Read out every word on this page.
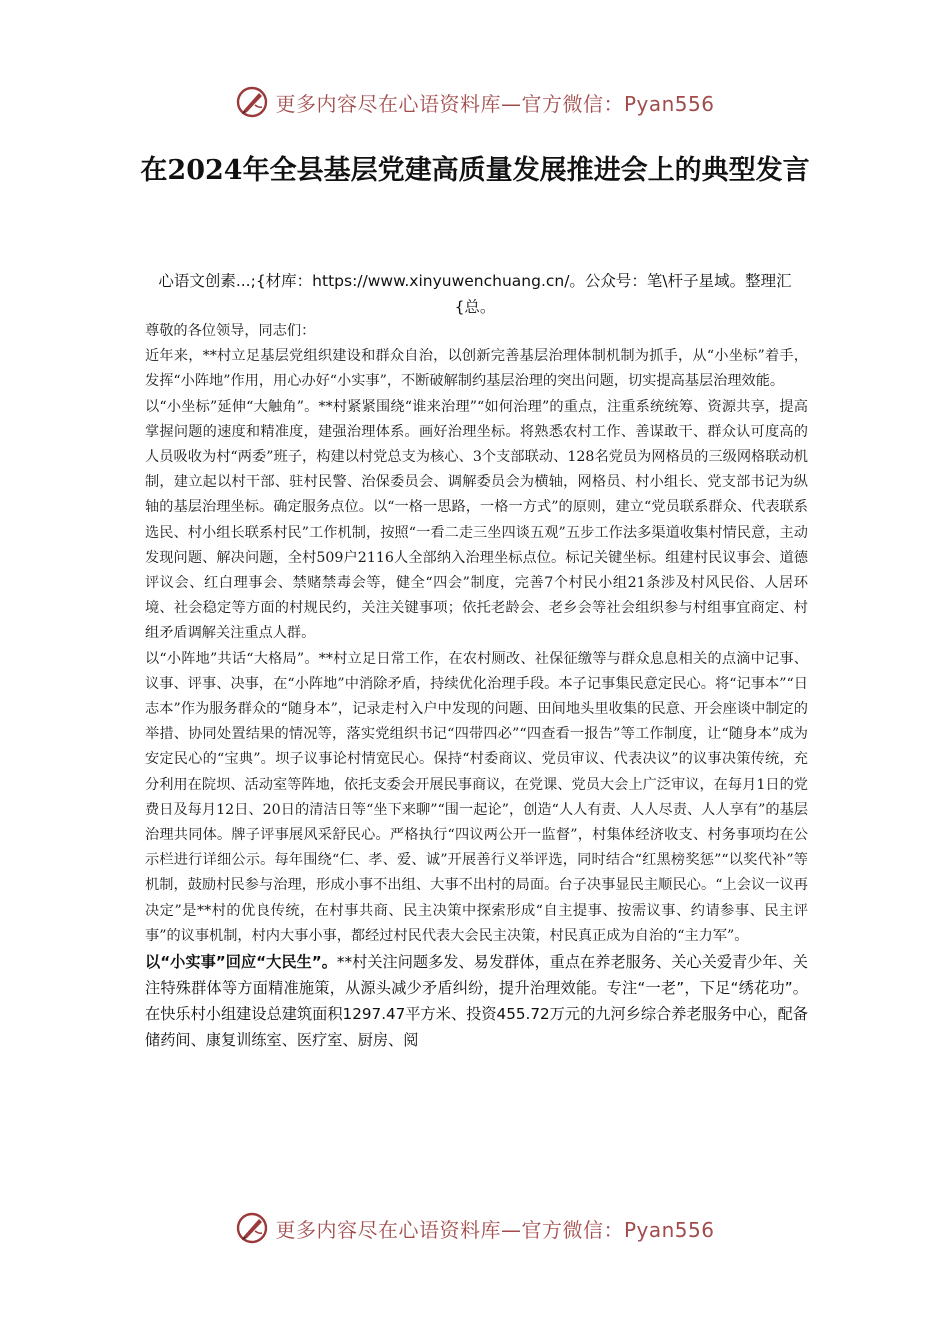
更多内容尽在心语资料库—官方微信：Pyan556
在2024年全县基层党建高质量发展推进会上的典型发言
心语文创素...;{材库：https://www.xinyuwenchuang.cn/。公众号：笔\杆子星域。整理汇{总。

尊敬的各位领导，同志们：

近年来，**村立足基层党组织建设和群众自治，以创新完善基层治理体制机制为抓手，从“小坐标”着手，发挥“小阵地”作用，用心办好“小实事”，不断破解制约基层治理的突出问题，切实提高基层治理效能。

以“小坐标”延伸“大触角”。**村紧紧围绕“谁来治理”“如何治理”的重点，注重系统统筹、资源共享，提高掌握问题的速度和精准度，建强治理体系。画好治理坐标。将熟悉农村工作、善谋敢干、群众认可度高的人员吸收为村“两委”班子，构建以村党总支为核心、3个支部联动、128名党员为网格员的三级网格联动机制，建立起以村干部、驻村民警、治保委员会、调解委员会为横轴，网格员、村小组长、党支部书记为纵轴的基层治理坐标。确定服务点位。以“一格一思路，一格一方式”的原则，建立“党员联系群众、代表联系选民、村小组长联系村民”工作机制，按照“一看二走三坐四谈五观”五步工作法多渠道收集村情民意，主动发现问题、解决问题，全村509户2116人全部纳入治理坐标点位。标记关键坐标。组建村民议事会、道德评议会、红白理事会、禁赌禁毒会等，健全“四会”制度，完善7个村民小组21条涉及村风民俗、人居环境、社会稳定等方面的村规民约，关注关键事项；依托老龄会、老乡会等社会组织参与村组事宜商定、村组矛盾调解关注重点人群。

以“小阵地”共话“大格局”。**村立足日常工作，在农村厕改、社保征缴等与群众息息相关的点滴中记事、议事、评事、决事，在“小阵地”中消除矛盾，持续优化治理手段。本子记事集民意定民心。将“记事本”“日志本”作为服务群众的“随身本”，记录走村入户中发现的问题、田间地头里收集的民意、开会座谈中制定的举措、协同处置结果的情况等，落实党组织书记“四带四必”“四查看一报告”等工作制度，让“随身本”成为安定民心的“宝典”。坝子议事论村情宽民心。保持“村委商议、党员审议、代表决议”的议事决策传统，充分利用在院坝、活动室等阵地，依托支委会开展民事商议，在党课、党员大会上广泛审议，在每月1日的党费日及每月12日、20日的清洁日等“坐下来聊”“围一起论”，创造“人人有责、人人尽责、人人享有”的基层治理共同体。牌子评事展风采舒民心。严格执行“四议两公开一监督”，村集体经济收支、村务事项均在公示栏进行详细公示。每年围绕“仁、孝、爱、诚”开展善行义举评选，同时结合“红黑榜奖惩”“以奖代补”等机制，鼓励村民参与治理，形成小事不出组、大事不出村的局面。台子决事显民主顺民心。“上会议一议再决定”是**村的优良传统，在村事共商、民主决策中探索形成“自主提事、按需议事、约请参事、民主评事”的议事机制，村内大事小事，都经过村民代表大会民主决策，村民真正成为自治的“主力军”。

以“小实事”回应“大民生”。**村关注问题多发、易发群体，重点在养老服务、关心关爱青少年、关注特殊群体等方面精准施策，从源头减少矛盾纠纷，提升治理效能。专注“一老”，下足“绣花功”。在快乐村小组建设总建筑面积1297.47平方米、投资455.72万元的九河乡综合养老服务中心，配备储药间、康复训练室、医疗室、厨房、阅

更多内容尽在心语资料库—官方微信：Pyan556
